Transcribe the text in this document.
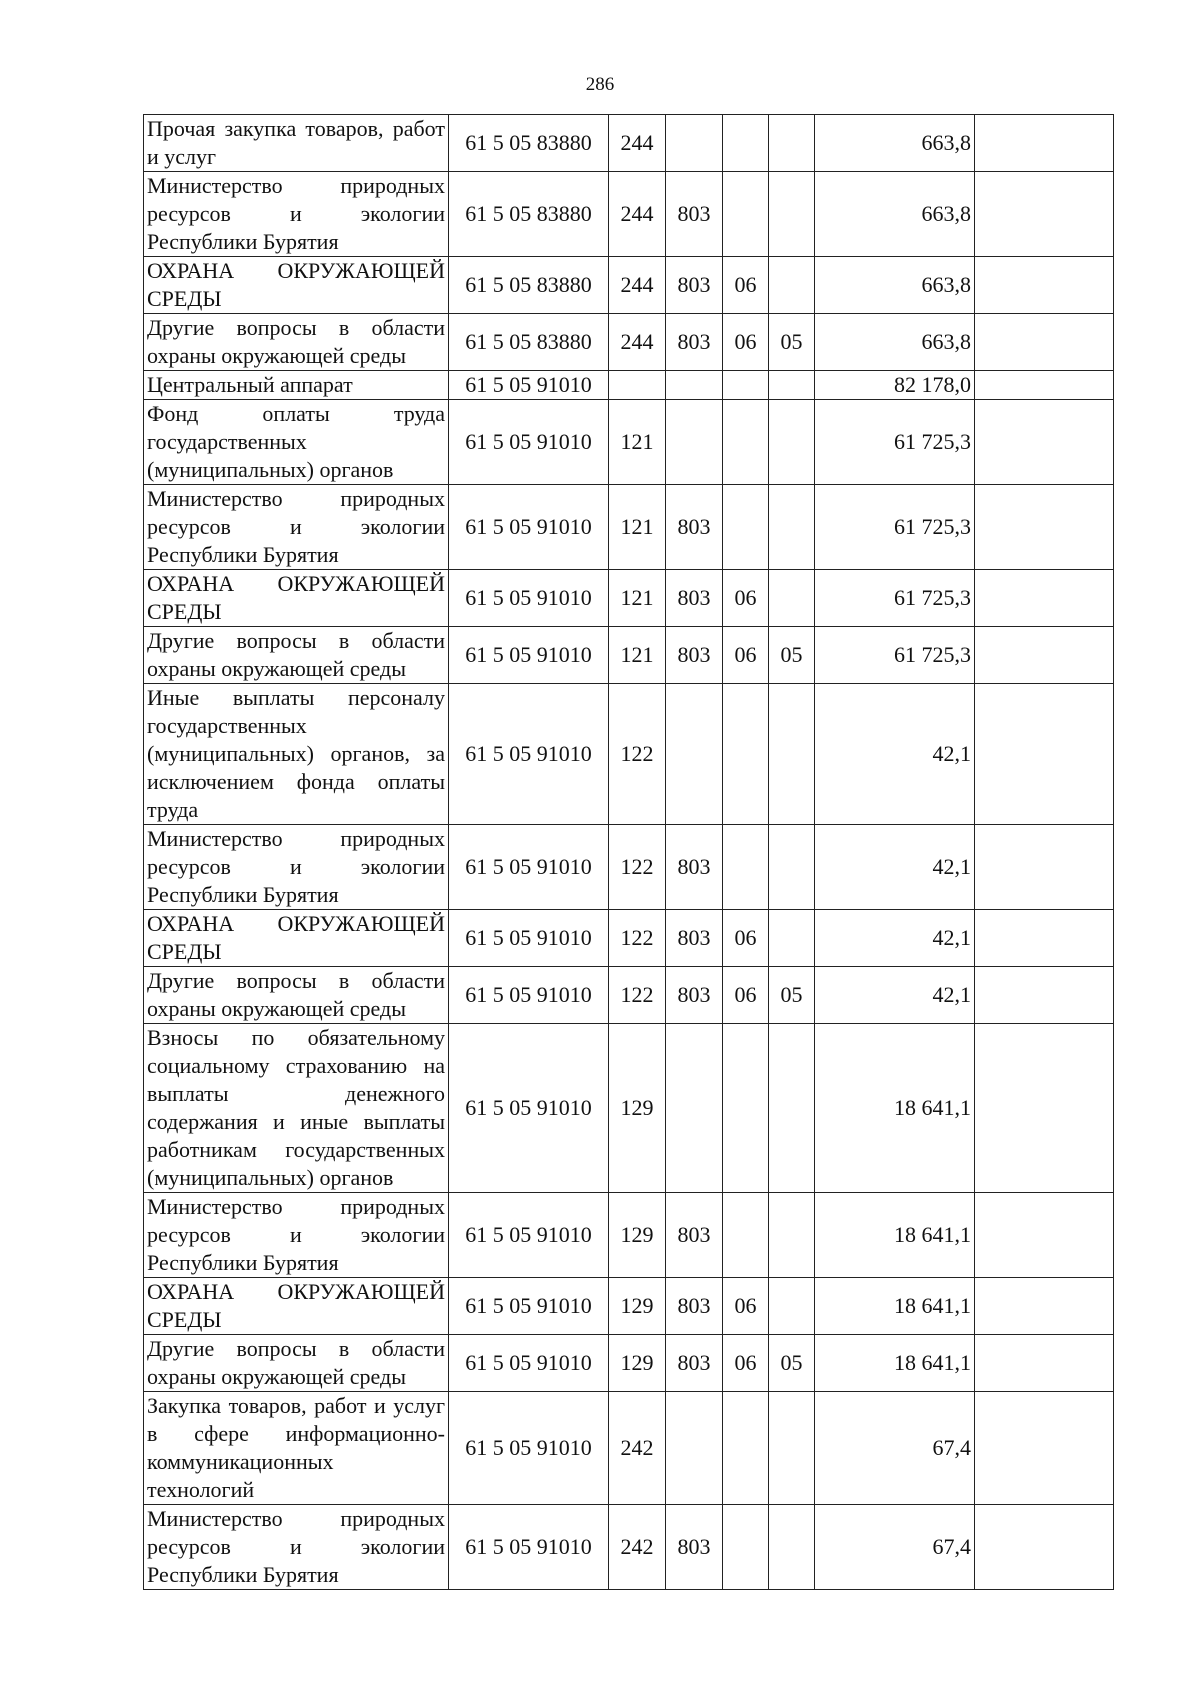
286
Прочая закупка товаров, работ и услуг	61 5 05 83880	244				663,8	
Министерство природных ресурсов и экологии Республики Бурятия	61 5 05 83880	244	803			663,8	
ОХРАНА ОКРУЖАЮЩЕЙ СРЕДЫ	61 5 05 83880	244	803	06		663,8	
Другие вопросы в области охраны окружающей среды	61 5 05 83880	244	803	06	05	663,8	
Центральный аппарат	61 5 05 91010					82 178,0	
Фонд оплаты труда государственных (муниципальных) органов	61 5 05 91010	121				61 725,3	
Министерство природных ресурсов и экологии Республики Бурятия	61 5 05 91010	121	803			61 725,3	
ОХРАНА ОКРУЖАЮЩЕЙ СРЕДЫ	61 5 05 91010	121	803	06		61 725,3	
Другие вопросы в области охраны окружающей среды	61 5 05 91010	121	803	06	05	61 725,3	
Иные выплаты персоналу государственных (муниципальных) органов, за исключением фонда оплаты труда	61 5 05 91010	122				42,1	
Министерство природных ресурсов и экологии Республики Бурятия	61 5 05 91010	122	803			42,1	
ОХРАНА ОКРУЖАЮЩЕЙ СРЕДЫ	61 5 05 91010	122	803	06		42,1	
Другие вопросы в области охраны окружающей среды	61 5 05 91010	122	803	06	05	42,1	
Взносы по обязательному социальному страхованию на выплаты денежного содержания и иные выплаты работникам государственных (муниципальных) органов	61 5 05 91010	129				18 641,1	
Министерство природных ресурсов и экологии Республики Бурятия	61 5 05 91010	129	803			18 641,1	
ОХРАНА ОКРУЖАЮЩЕЙ СРЕДЫ	61 5 05 91010	129	803	06		18 641,1	
Другие вопросы в области охраны окружающей среды	61 5 05 91010	129	803	06	05	18 641,1	
Закупка товаров, работ и услуг в сфере информационно-коммуникационных технологий	61 5 05 91010	242				67,4	
Министерство природных ресурсов и экологии Республики Бурятия	61 5 05 91010	242	803			67,4	
